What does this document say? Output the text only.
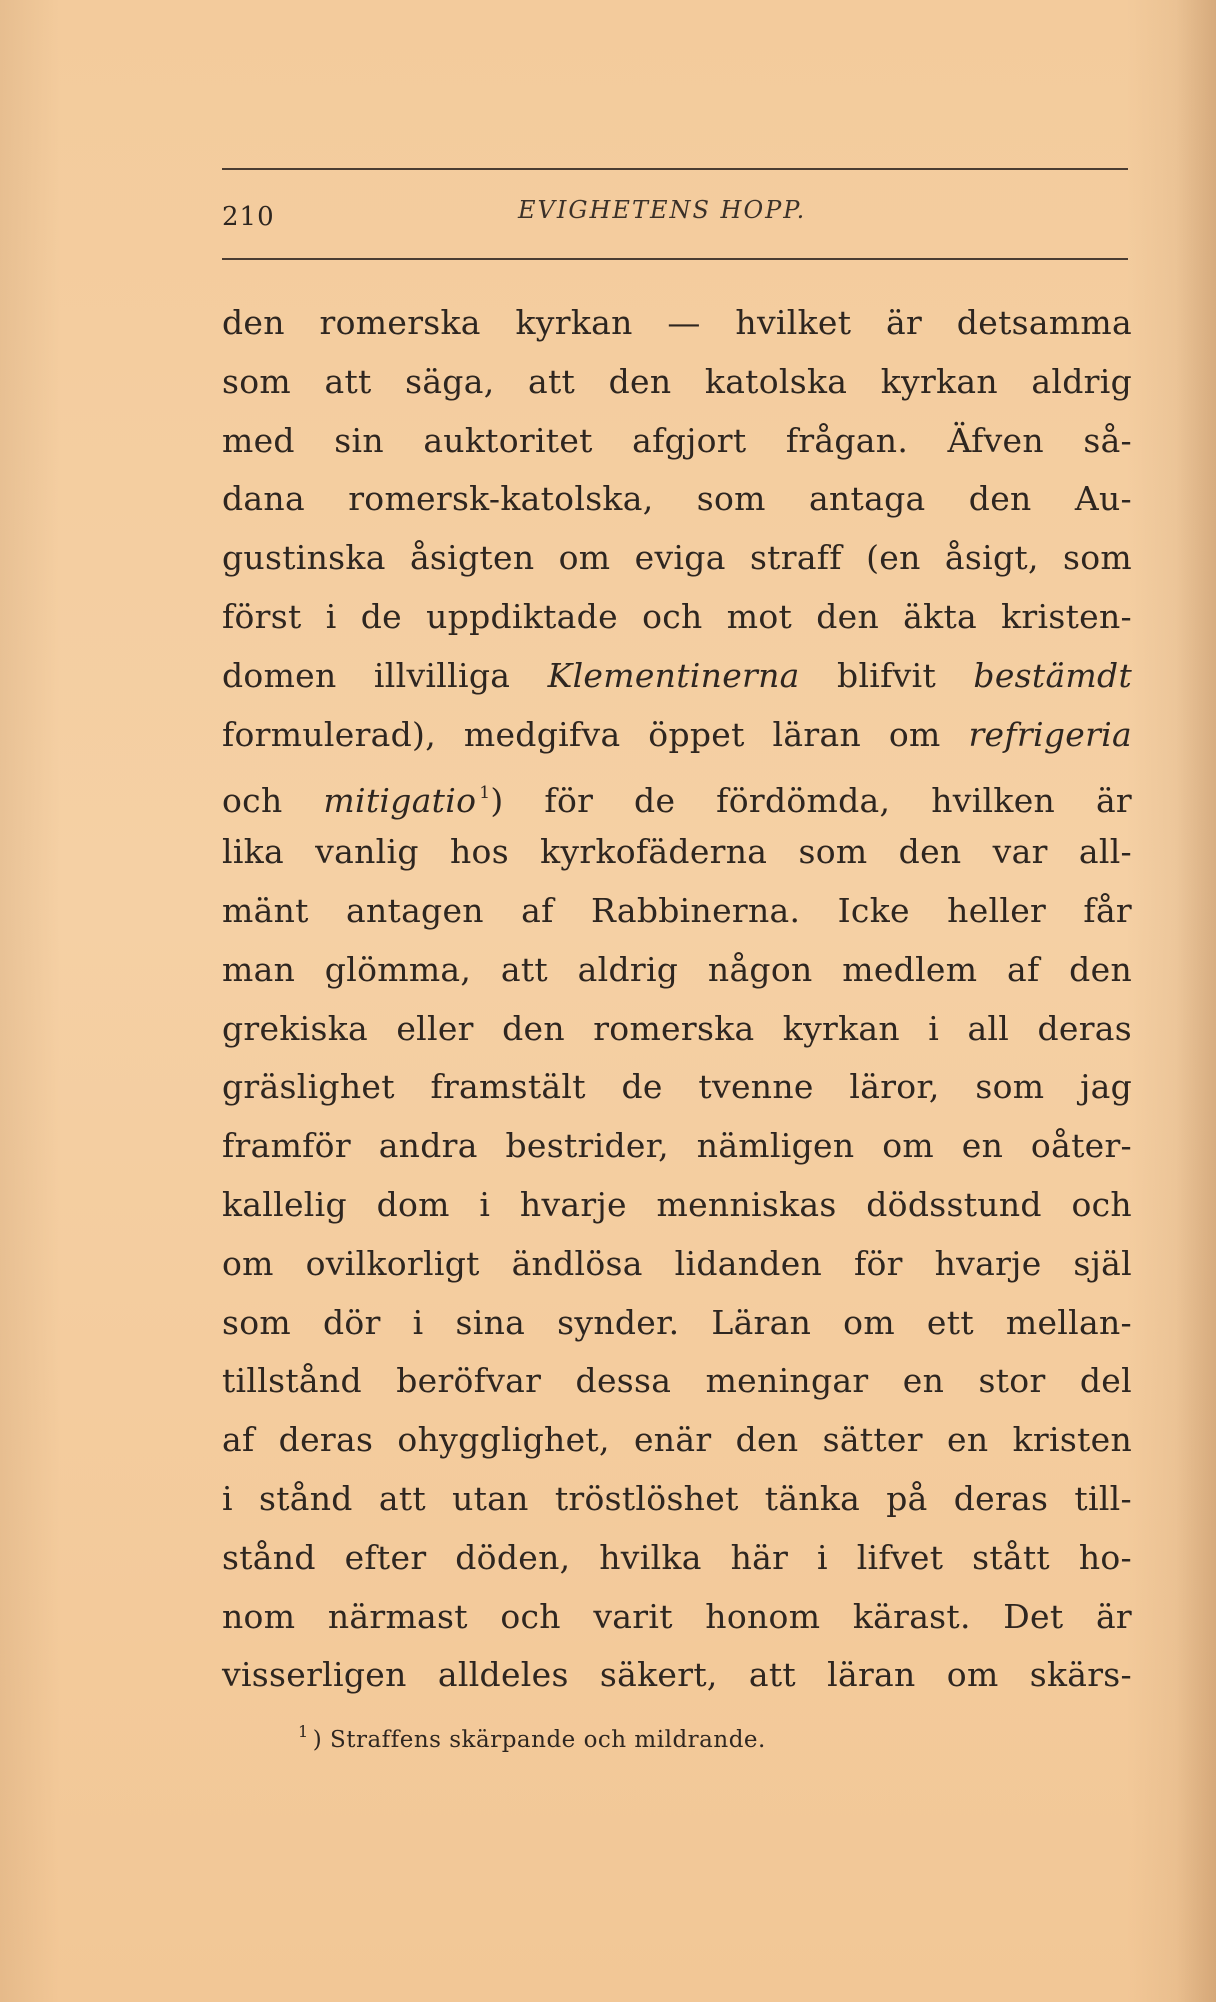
210	EVIGHETENS HOPP.
den romerska kyrkan — hvilket är detsamma
som att säga, att den katolska kyrkan aldrig
med sin auktoritet afgjort frågan. Äfven så-
dana romersk-katolska, som antaga den Au-
gustinska åsigten om eviga straff (en åsigt, som
först i de uppdiktade och mot den äkta kristen-
domen illvilliga Klementinerna blifvit bestämdt
formulerad), medgifva öppet läran om refrigeria
och mitigatio $^1$) för de fördömda, hvilken är
lika vanlig hos kyrkofäderna som den var all-
mänt antagen af Rabbinerna. Icke heller får
man glömma, att aldrig någon medlem af den
grekiska eller den romerska kyrkan i all deras
gräslighet framstält de tvenne läror, som jag
framför andra bestrider, nämligen om en oåter-
kallelig dom i hvarje menniskas dödsstund och
om ovilkorligt ändlösa lidanden för hvarje själ
som dör i sina synder. Läran om ett mellan-
tillstånd beröfvar dessa meningar en stor del
af deras ohygglighet, enär den sätter en kristen
i stånd att utan tröstlöshet tänka på deras till-
stånd efter döden, hvilka här i lifvet stått ho-
nom närmast och varit honom kärast. Det är
visserligen alldeles säkert, att läran om skärs-
$^1$ ) Straffens skärpande och mildrande.
